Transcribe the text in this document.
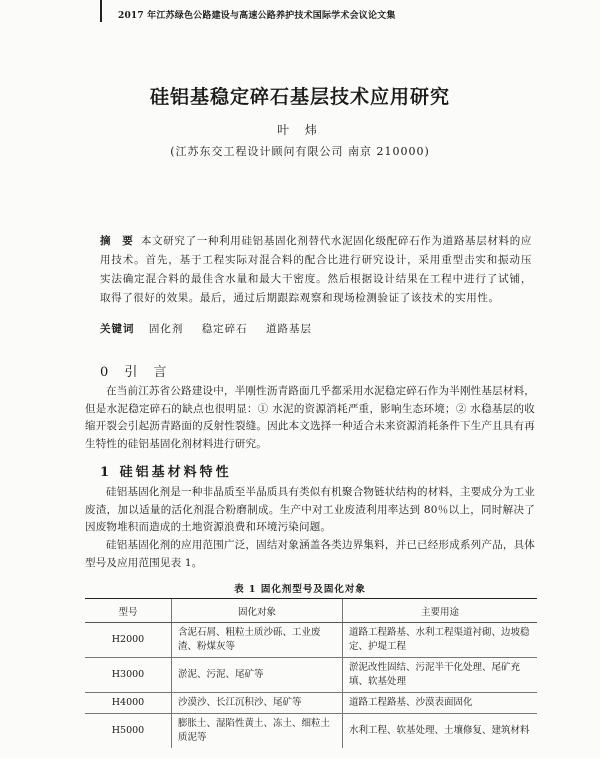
2017 年江苏绿色公路建设与高速公路养护技术国际学术会议论文集
硅铝基稳定碎石基层技术应用研究
叶 炜
(江苏东交工程设计顾问有限公司 南京 210000)
摘 要 本文研究了一种利用硅铝基固化剂替代水泥固化级配碎石作为道路基层材料的应用技术。首先，基于工程实际对混合料的配合比进行研究设计，采用重型击实和振动压实法确定混合料的最佳含水量和最大干密度。然后根据设计结果在工程中进行了试铺，取得了很好的效果。最后，通过后期跟踪观察和现场检测验证了该技术的实用性。
关键词 固化剂 稳定碎石 道路基层
0 引 言
在当前江苏省公路建设中，半刚性沥青路面几乎都采用水泥稳定碎石作为半刚性基层材料，但是水泥稳定碎石的缺点也很明显：① 水泥的资源消耗严重，影响生态环境；② 水稳基层的收缩开裂会引起沥青路面的反射性裂缝。因此本文选择一种适合未来资源消耗条件下生产且具有再生特性的硅铝基固化剂材料进行研究。
1 硅铝基材料特性
硅铝基固化剂是一种非晶质至半晶质具有类似有机聚合物链状结构的材料，主要成分为工业废渣，加以适量的活化剂混合粉磨制成。生产中对工业废渣利用率达到 80％以上，同时解决了因废物堆积而造成的土地资源浪费和环境污染问题。
硅铝基固化剂的应用范围广泛，固结对象涵盖各类边界集料，并已已经形成系列产品，具体型号及应用范围见表 1。
表 1 固化剂型号及固化对象
型号	固化对象	主要用途
H2000	含泥石屑、粗粒土质沙砾、工业废渣、粉煤灰等	道路工程路基、水利工程渠道衬砌、边坡稳定、护堤工程
H3000	淤泥、污泥、尾矿等	淤泥改性固结、污泥半干化处理、尾矿充填、软基处理
H4000	沙漠沙、长江沉积沙、尾矿等	道路工程路基、沙漠表面固化
H5000	膨胀土、湿陷性黄土、冻土、细粒土质泥等	水利工程、软基处理、土壤修复、建筑材料
